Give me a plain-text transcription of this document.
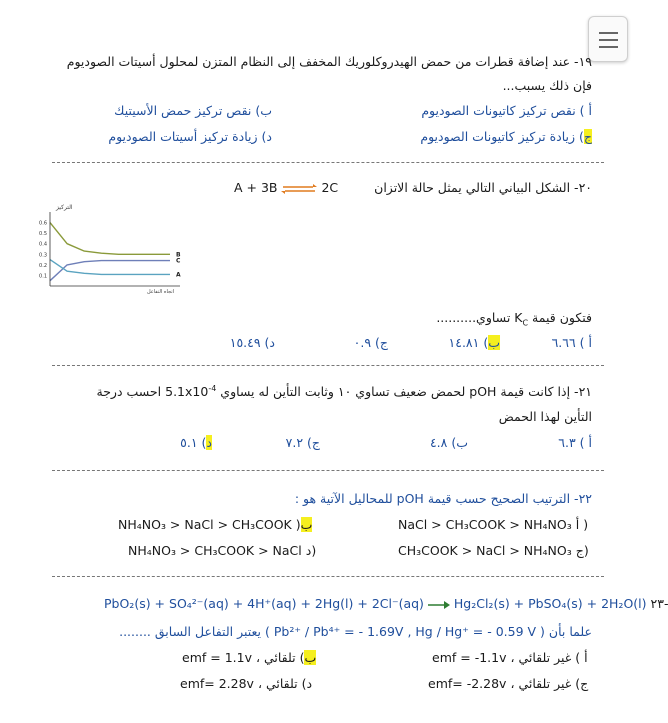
١٩- عند إضافة قطرات من حمض الهيدروكلوريك المخفف إلى النظام المتزن لمحلول أسيتات الصوديوم
فإن ذلك يسبب...
أ ) نقص تركيز كاتيونات الصوديوم
ب) نقص تركيز حمض الأسيتيك
ج) زيادة تركيز كاتيونات الصوديوم
د) زيادة تركيز أسيتات الصوديوم
٢٠- الشكل البياني التالي يمثل حالة الاتزان
A + 3B ⇌ 2C
التركيز
0.6
0.5
0.4
0.3
0.2
0.1
B
C
A
اتجاه التفاعل
فتكون قيمة $K_C$ تساوي..........
أ ) ٦.٦٦
ب) ١٤.٨١
ج) ٠.٩
د) ١٥.٤٩
٢١- إذا كانت قيمة pOH لحمض ضعيف تساوي ١٠ وثابت التأين له يساوي $5.1x10^{-4}$ احسب درجة
التأين لهذا الحمض
أ ) ٦.٣
ب) ٤.٨
ج) ٧.٢
د) ٥.١
٢٢- الترتيب الصحيح حسب قيمة pOH للمحاليل الآتية هو :
NaCl > CH₃COOK > NH₄NO₃ أ )
NH₄NO₃ > NaCl > CH₃COOK )ب
CH₃COOK > NaCl > NH₄NO₃ ج)
NH₄NO₃ > CH₃COOK > NaCl د)
PbO₂(s) + SO₄²⁻(aq) + 4H⁺(aq) + 2Hg(l) + 2Cl⁻(aq) → Hg₂Cl₂(s) + PbSO₄(s) + 2H₂O(l) ٢٣
علما بأن ( Pb²⁺ / Pb⁴⁺ = - 1.69V , Hg / Hg⁺ = - 0.59 V ) يعتبر التفاعل السابق ........
emf = -1.1v أ ) غير تلقائي ،
emf = 1.1v ) تلقائي ،ب
emf= -2.28v ج) غير تلقائي ،
emf= 2.28v د) تلقائي ،
